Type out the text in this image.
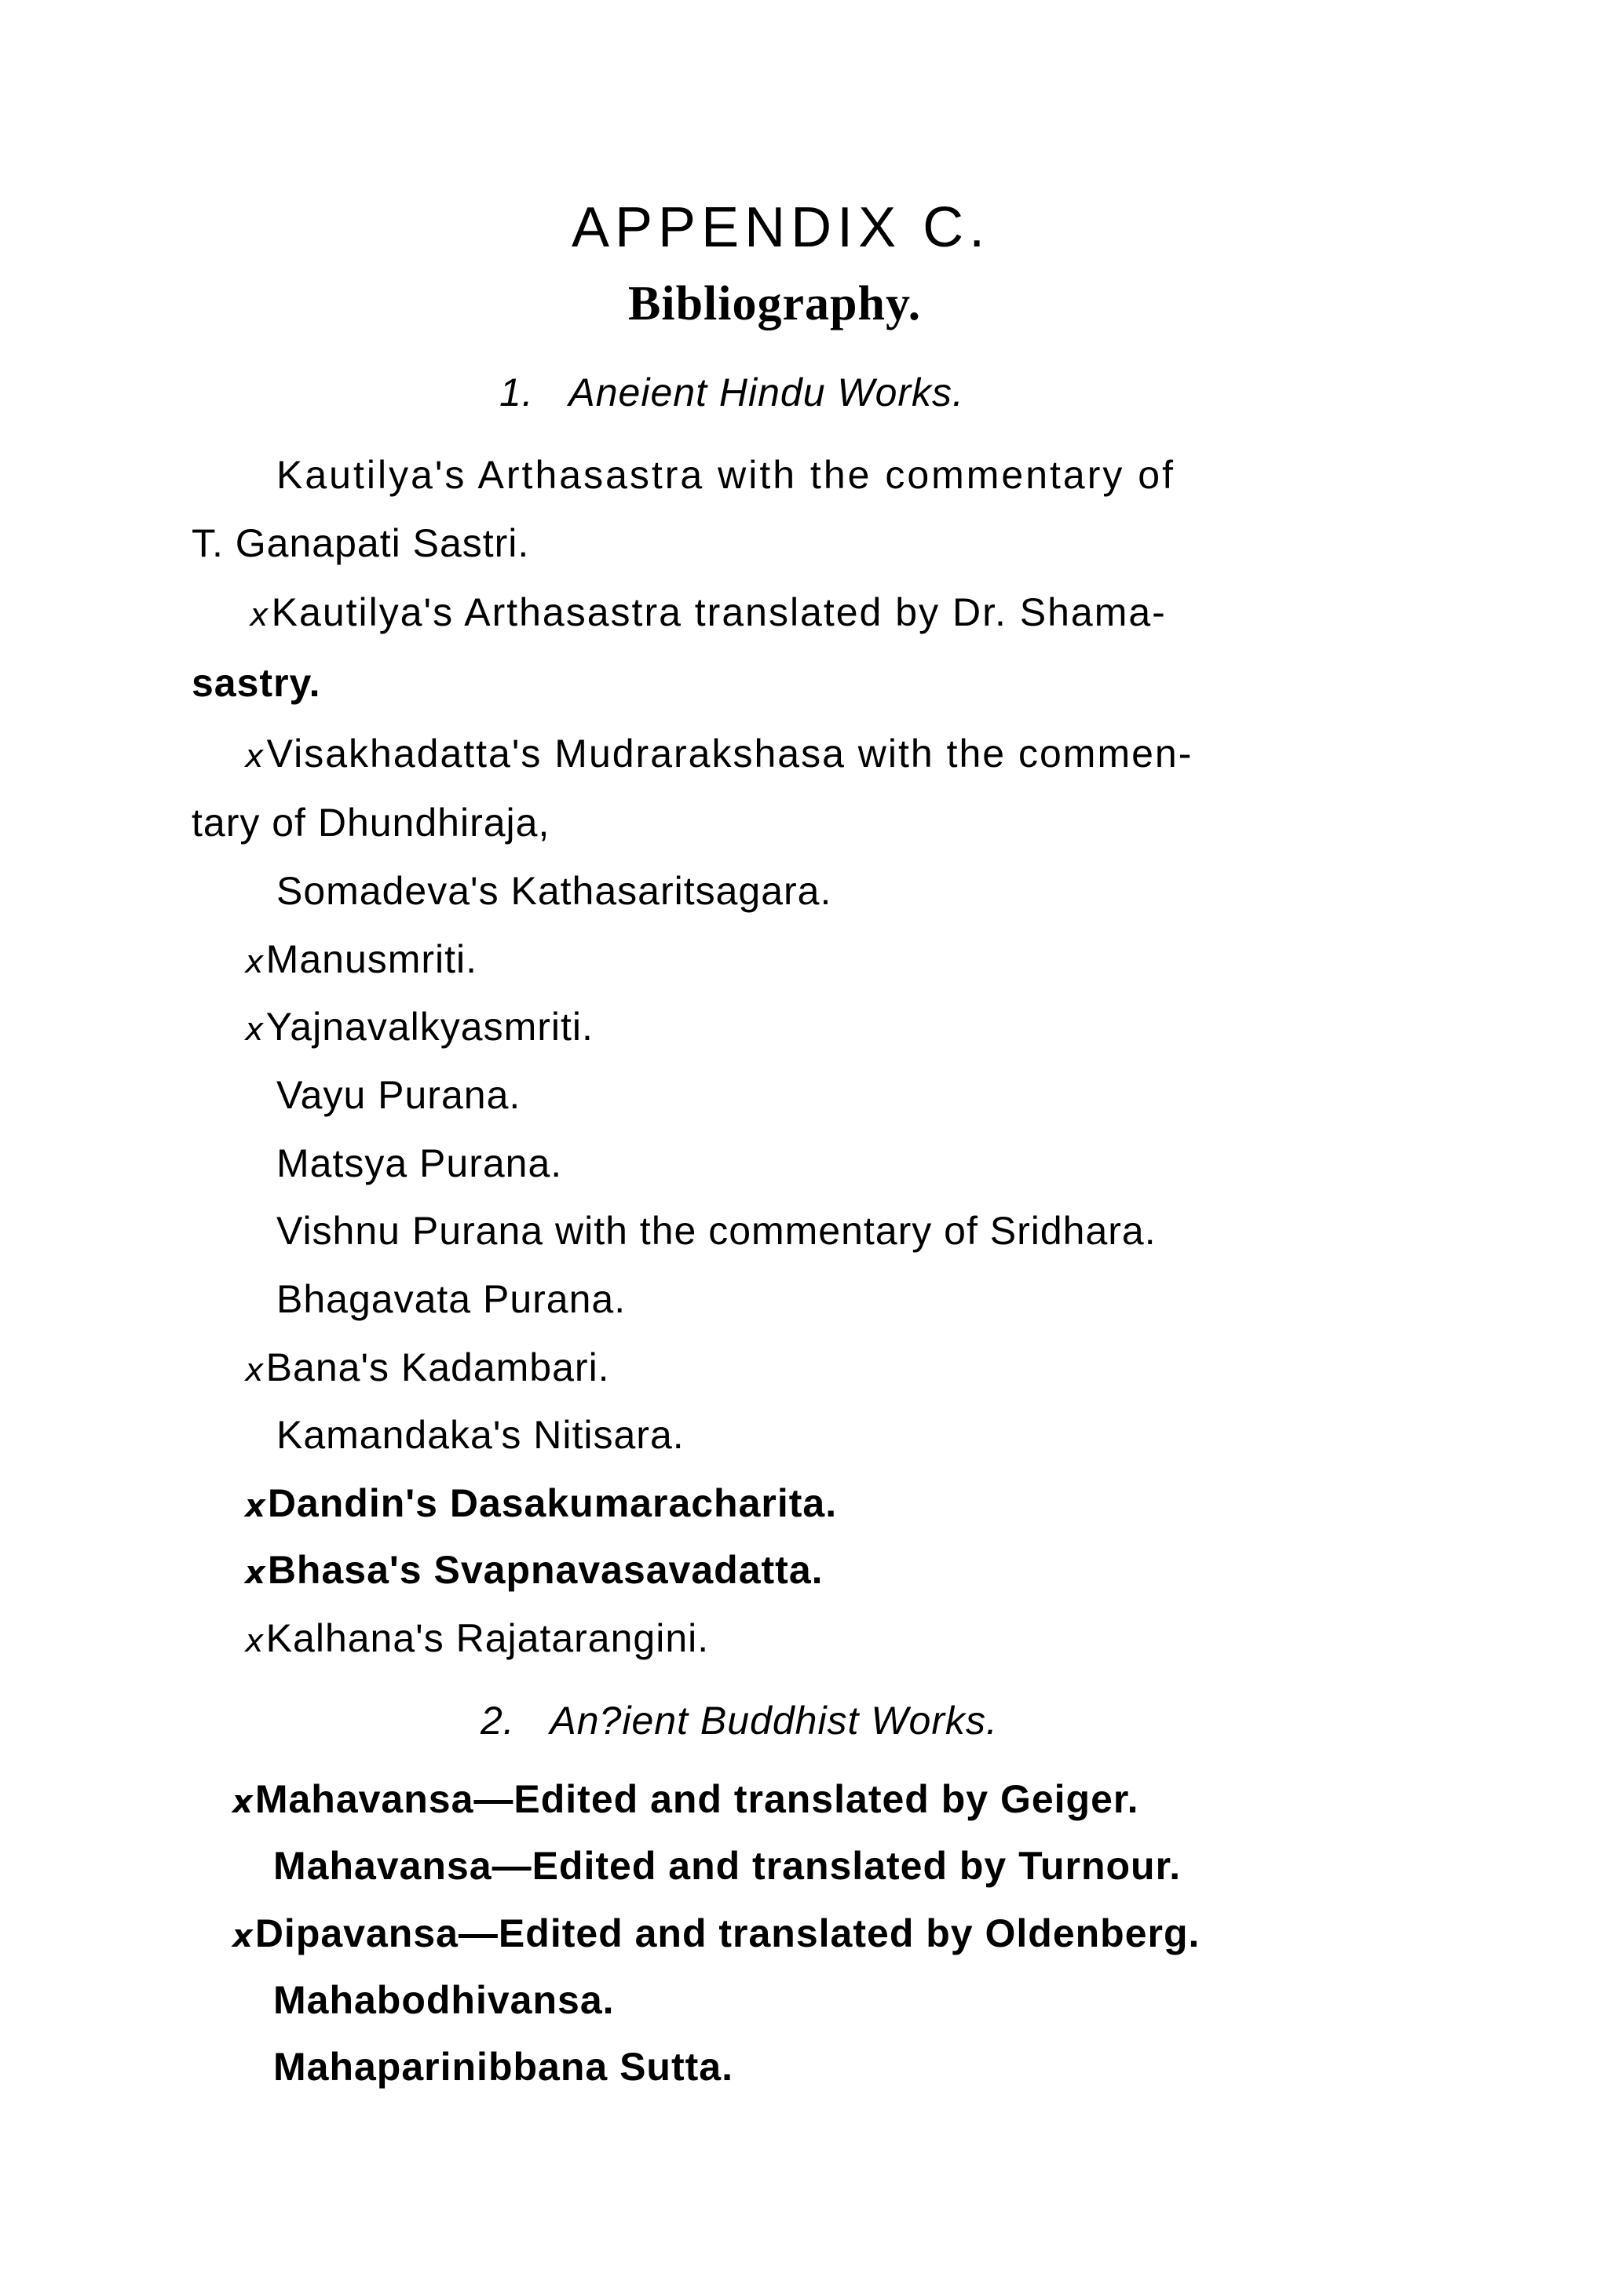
APPENDIX C.
Bibliography.
1. Aneient Hindu Works.
Kautilya's Arthasastra with the commentary of
T. Ganapati Sastri.
xKautilya's Arthasastra translated by Dr. Shama-
sastry.
xVisakhadatta's Mudrarakshasa with the commen-
tary of Dhundhiraja,
Somadeva's Kathasaritsagara.
xManusmriti.
xYajnavalkyasmriti.
Vayu Purana.
Matsya Purana.
Vishnu Purana with the commentary of Sridhara.
Bhagavata Purana.
xBana's Kadambari.
Kamandaka's Nitisara.
xDandin's Dasakumaracharita.
xBhasa's Svapnavasavadatta.
xKalhana's Rajatarangini.
2. An?ient Buddhist Works.
xMahavansa—Edited and translated by Geiger.
Mahavansa—Edited and translated by Turnour.
xDipavansa—Edited and translated by Oldenberg.
Mahabodhivansa.
Mahaparinibbana Sutta.
